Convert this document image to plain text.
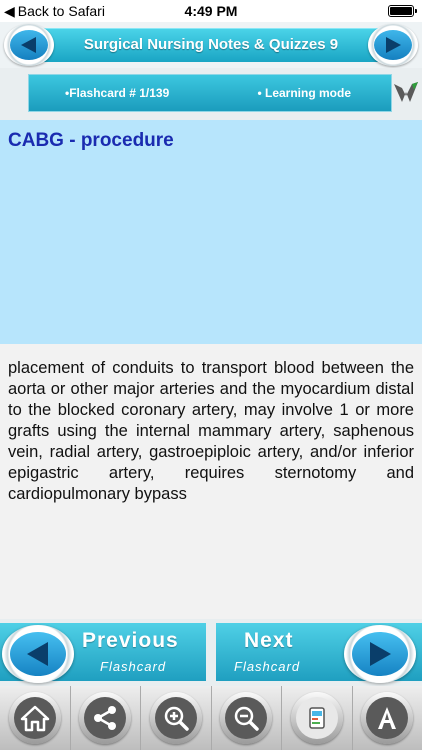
◀ Back to Safari	4:49 PM
Surgical Nursing Notes & Quizzes 9
•Flashcard # 1/139	• Learning mode
CABG - procedure
placement of conduits to transport blood between the aorta or other major arteries and the myocardium distal to the blocked coronary artery, may involve 1 or more grafts using the internal mammary artery, saphenous vein, radial artery, gastroepiploic artery, and/or inferior epigastric artery, requires sternotomy and cardiopulmonary bypass
Previous
Flashcard
Next
Flashcard
